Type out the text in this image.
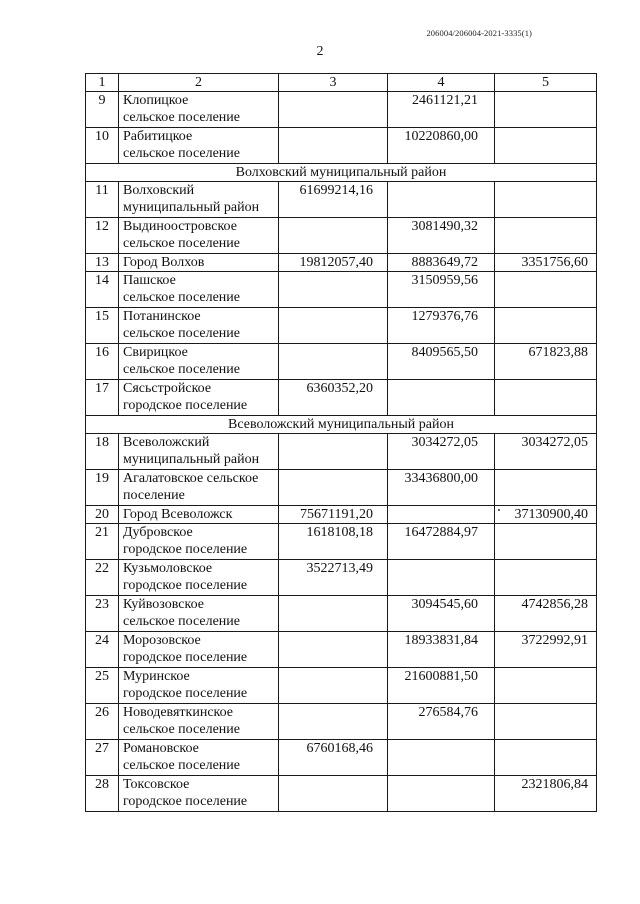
206004/206004-2021-3335(1)
2
1	2	3	4	5
9	Клопицкое
сельское поселение		2461121,21	
10	Рабитицкое
сельское поселение		10220860,00	
Волховский муниципальный район				
11	Волховский
муниципальный район	61699214,16		
12	Выдиноостровское
сельское поселение		3081490,32	
13	Город Волхов	19812057,40	8883649,72	3351756,60
14	Пашское
сельское поселение		3150959,56	
15	Потанинское
сельское поселение		1279376,76	
16	Свирицкое
сельское поселение		8409565,50	671823,88
17	Сясьстройское
городское поселение	6360352,20		
Всеволожский муниципальный район				
18	Всеволожский
муниципальный район		3034272,05	3034272,05
19	Агалатовское сельское
поселение		33436800,00	
20	Город Всеволожск	75671191,20		37130900,40
21	Дубровское
городское поселение	1618108,18	16472884,97	
22	Кузьмоловское
городское поселение	3522713,49		
23	Куйвозовское
сельское поселение		3094545,60	4742856,28
24	Морозовское
городское поселение		18933831,84	3722992,91
25	Муринское
городское поселение		21600881,50	
26	Новодевяткинское
сельское поселение		276584,76	
27	Романовское
сельское поселение	6760168,46		
28	Токсовское
городское поселение			2321806,84
